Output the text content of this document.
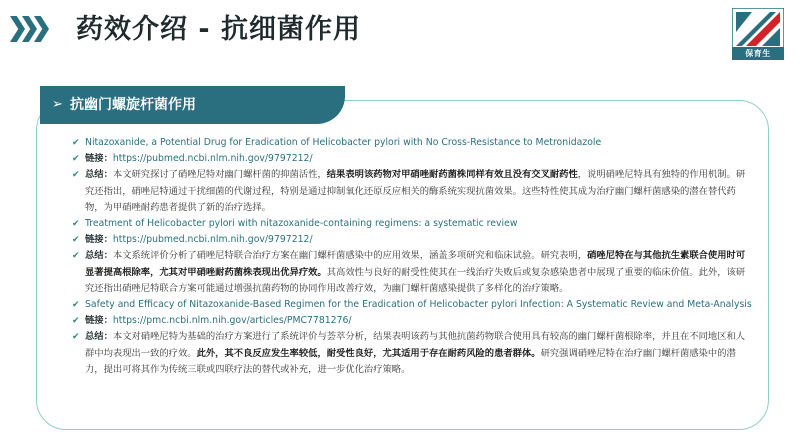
药效介绍 - 抗细菌作用
保育生
➢ 抗幽门螺旋杆菌作用
✔ Nitazoxanide, a Potential Drug for Eradication of Helicobacter pylori with No Cross-Resistance to Metronidazole
✔ 链接：https://pubmed.ncbi.nlm.nih.gov/9797212/
✔ 总结：本文研究探讨了硝唑尼特对幽门螺杆菌的抑菌活性，结果表明该药物对甲硝唑耐药菌株同样有效且没有交叉耐药性，说明硝唑尼特具有独特的作用机制。研究还指出，硝唑尼特通过干扰细菌的代谢过程，特别是通过抑制氧化还原反应相关的酶系统实现抗菌效果。这些特性使其成为治疗幽门螺杆菌感染的潜在替代药物，为甲硝唑耐药患者提供了新的治疗选择。
✔ Treatment of Helicobacter pylori with nitazoxanide-containing regimens: a systematic review
✔ 链接：https://pubmed.ncbi.nlm.nih.gov/9797212/
✔ 总结：本文系统评价分析了硝唑尼特联合治疗方案在幽门螺杆菌感染中的应用效果，涵盖多项研究和临床试验。研究表明，硝唑尼特在与其他抗生素联合使用时可显著提高根除率，尤其对甲硝唑耐药菌株表现出优异疗效。其高效性与良好的耐受性使其在一线治疗失败后或复杂感染患者中展现了重要的临床价值。此外，该研究还指出硝唑尼特联合方案可能通过增强抗菌药物的协同作用改善疗效，为幽门螺杆菌感染提供了多样化的治疗策略。
✔ Safety and Efficacy of Nitazoxanide-Based Regimen for the Eradication of Helicobacter pylori Infection: A Systematic Review and Meta-Analysis
✔ 链接：https://pmc.ncbi.nlm.nih.gov/articles/PMC7781276/
✔ 总结：本文对硝唑尼特为基础的治疗方案进行了系统评价与荟萃分析，结果表明该药与其他抗菌药物联合使用具有较高的幽门螺杆菌根除率，并且在不同地区和人群中均表现出一致的疗效。此外，其不良反应发生率较低，耐受性良好，尤其适用于存在耐药风险的患者群体。研究强调硝唑尼特在治疗幽门螺杆菌感染中的潜力，提出可将其作为传统三联或四联疗法的替代或补充，进一步优化治疗策略。
